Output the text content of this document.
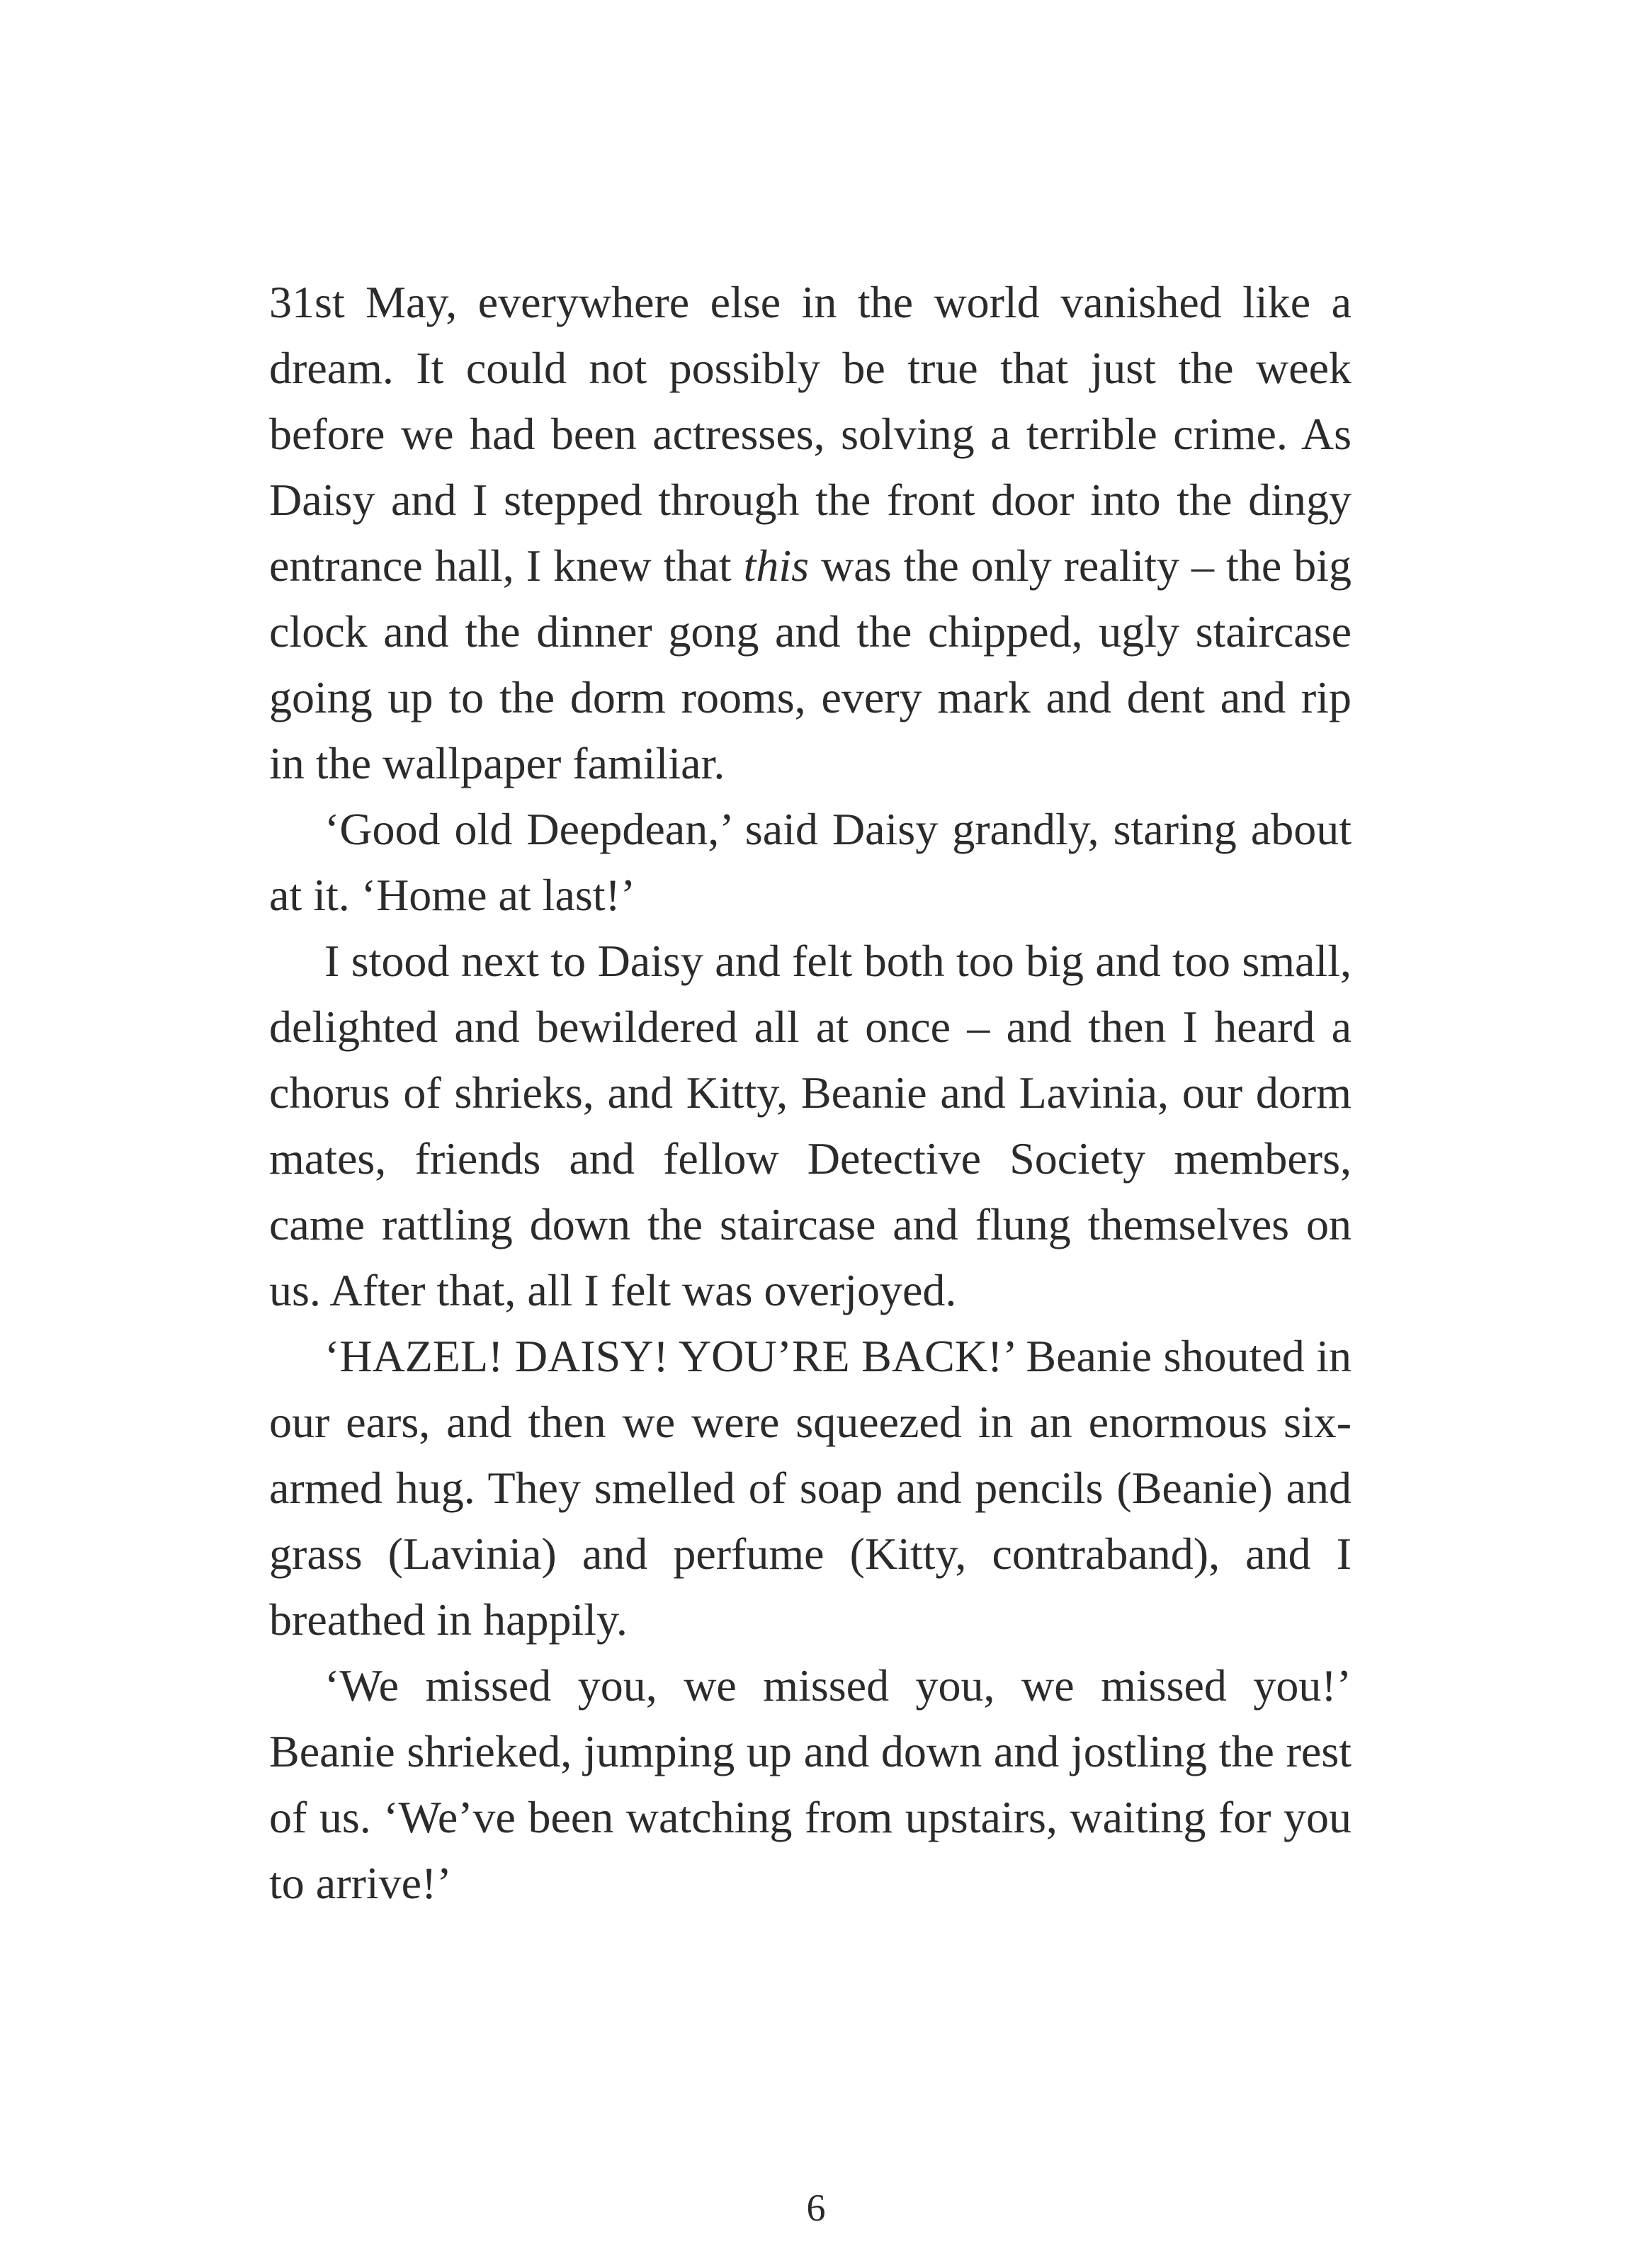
31st May, everywhere else in the world vanished like a dream. It could not possibly be true that just the week before we had been actresses, solving a terrible crime. As Daisy and I stepped through the front door into the dingy entrance hall, I knew that this was the only reality – the big clock and the dinner gong and the chipped, ugly staircase going up to the dorm rooms, every mark and dent and rip in the wallpaper familiar.

‘Good old Deepdean,’ said Daisy grandly, staring about at it. ‘Home at last!’

I stood next to Daisy and felt both too big and too small, delighted and bewildered all at once – and then I heard a chorus of shrieks, and Kitty, Beanie and Lavinia, our dorm mates, friends and fellow Detective Society members, came rattling down the staircase and flung themselves on us. After that, all I felt was overjoyed.

‘HAZEL! DAISY! YOU’RE BACK!’ Beanie shouted in our ears, and then we were squeezed in an enormous six-armed hug. They smelled of soap and pencils (Beanie) and grass (Lavinia) and perfume (Kitty, contraband), and I breathed in happily.

‘We missed you, we missed you, we missed you!’ Beanie shrieked, jumping up and down and jostling the rest of us. ‘We’ve been watching from upstairs, waiting for you to arrive!’

6
